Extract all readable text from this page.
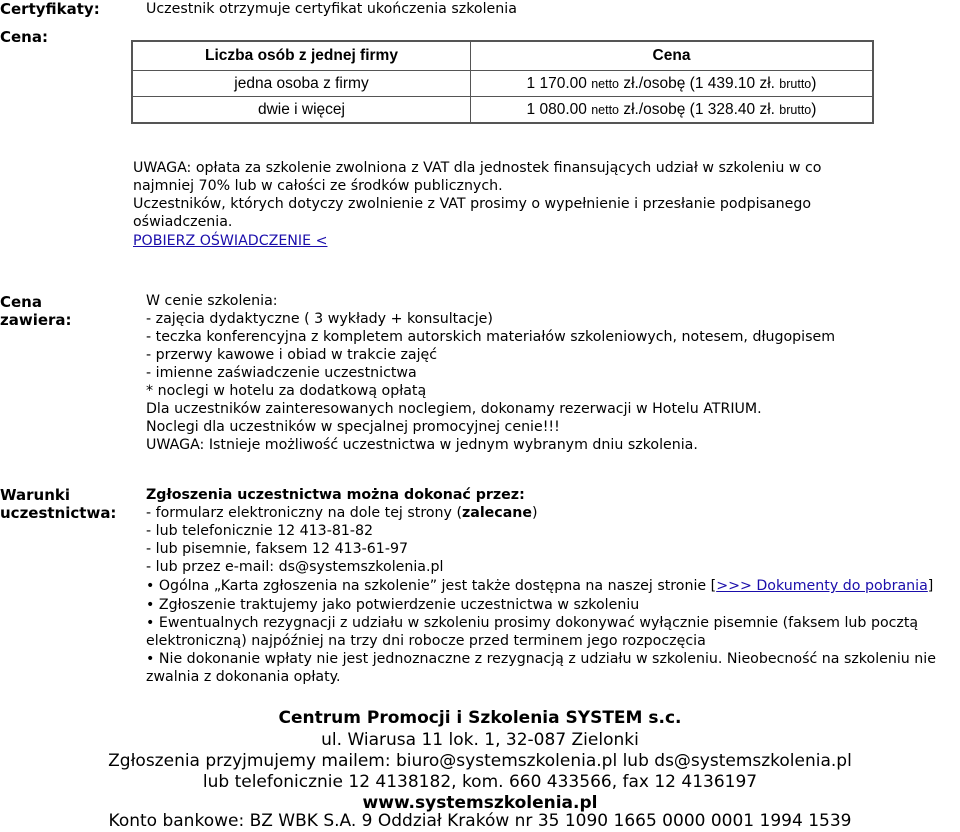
Certyfikaty:	Uczestnik otrzymuje certyfikat ukończenia szkolenia
Cena:
Liczba osób z jednej firmy	Cena
jedna osoba z firmy	1 170.00 netto zł./osobę (1 439.10 zł. brutto)
dwie i więcej	1 080.00 netto zł./osobę (1 328.40 zł. brutto)
UWAGA: opłata za szkolenie zwolniona z VAT dla jednostek finansujących udział w szkoleniu w co
najmniej 70% lub w całości ze środków publicznych.
Uczestników, których dotyczy zwolnienie z VAT prosimy o wypełnienie i przesłanie podpisanego
oświadczenia.
POBIERZ OŚWIADCZENIE <
Cena
zawiera:
W cenie szkolenia:
- zajęcia dydaktyczne ( 3 wykłady + konsultacje)
- teczka konferencyjna z kompletem autorskich materiałów szkoleniowych, notesem, długopisem
- przerwy kawowe i obiad w trakcie zajęć
- imienne zaświadczenie uczestnictwa
* noclegi w hotelu za dodatkową opłatą
Dla uczestników zainteresowanych noclegiem, dokonamy rezerwacji w Hotelu ATRIUM.
Noclegi dla uczestników w specjalnej promocyjnej cenie!!!
UWAGA: Istnieje możliwość uczestnictwa w jednym wybranym dniu szkolenia.
Warunki
uczestnictwa:
Zgłoszenia uczestnictwa można dokonać przez:
- formularz elektroniczny na dole tej strony (zalecane)
- lub telefonicznie 12 413-81-82
- lub pisemnie, faksem 12 413-61-97
- lub przez e-mail: ds@systemszkolenia.pl
• Ogólna „Karta zgłoszenia na szkolenie” jest także dostępna na naszej stronie [>>> Dokumenty do pobrania]
• Zgłoszenie traktujemy jako potwierdzenie uczestnictwa w szkoleniu
• Ewentualnych rezygnacji z udziału w szkoleniu prosimy dokonywać wyłącznie pisemnie (faksem lub pocztą
elektroniczną) najpóźniej na trzy dni robocze przed terminem jego rozpoczęcia
• Nie dokonanie wpłaty nie jest jednoznaczne z rezygnacją z udziału w szkoleniu. Nieobecność na szkoleniu nie
zwalnia z dokonania opłaty.
Centrum Promocji i Szkolenia SYSTEM s.c.
ul. Wiarusa 11 lok. 1, 32-087 Zielonki
Zgłoszenia przyjmujemy mailem: biuro@systemszkolenia.pl lub ds@systemszkolenia.pl
lub telefonicznie 12 4138182, kom. 660 433566, fax 12 4136197
www.systemszkolenia.pl
Konto bankowe: BZ WBK S.A. 9 Oddział Kraków nr 35 1090 1665 0000 0001 1994 1539
